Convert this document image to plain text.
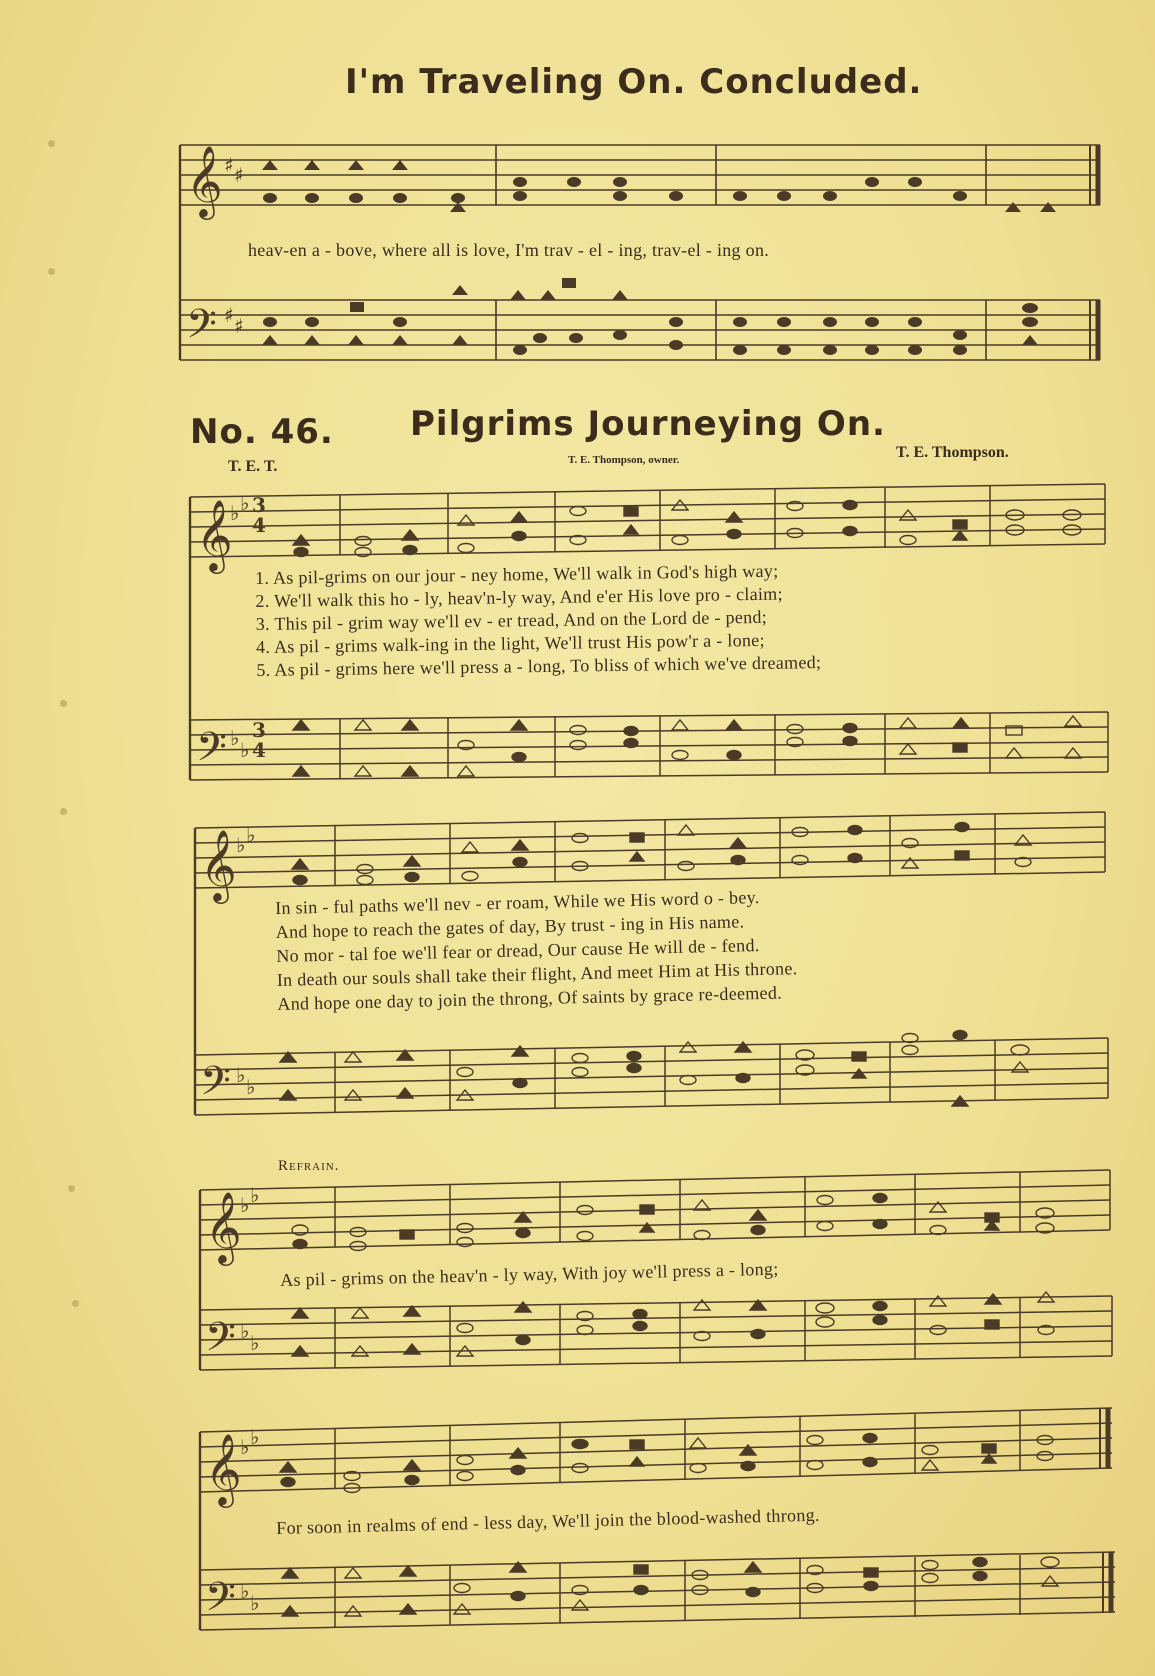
I'm Traveling On. Concluded.
𝄞 ♯ ♯
𝄢 ♯ ♯
heav-en a - bove, where all is love, I'm trav - el - ing, trav-el - ing on.
No. 46. Pilgrims Journeying On.
T. E. T.	T. E. Thompson, owner.	T. E. Thompson.
𝄞
♭ ♭ 3
4
𝄢 ♭ ♭
3
4
𝄞 ♭ ♭
𝄢 ♭ ♭
𝄞
♭ ♭
𝄢 ♭ ♭
𝄞
♭ ♭
𝄢 ♭ ♭
1. As pil-grims on our jour - ney home, We'll walk in God's high way;
2. We'll walk this ho - ly, heav'n-ly way, And e'er His love pro - claim;
3. This pil - grim way we'll ev - er tread, And on the Lord de - pend;
4. As pil - grims walk-ing in the light, We'll trust His pow'r a - lone;
5. As pil - grims here we'll press a - long, To bliss of which we've dreamed;
In sin - ful paths we'll nev - er roam, While we His word o - bey.
And hope to reach the gates of day, By trust - ing in His name.
No mor - tal foe we'll fear or dread, Our cause He will de - fend.
In death our souls shall take their flight, And meet Him at His throne.
And hope one day to join the throng, Of saints by grace re-deemed.
Refrain.
As pil - grims on the heav'n - ly way, With joy we'll press a - long;
For soon in realms of end - less day, We'll join the blood-washed throng.
